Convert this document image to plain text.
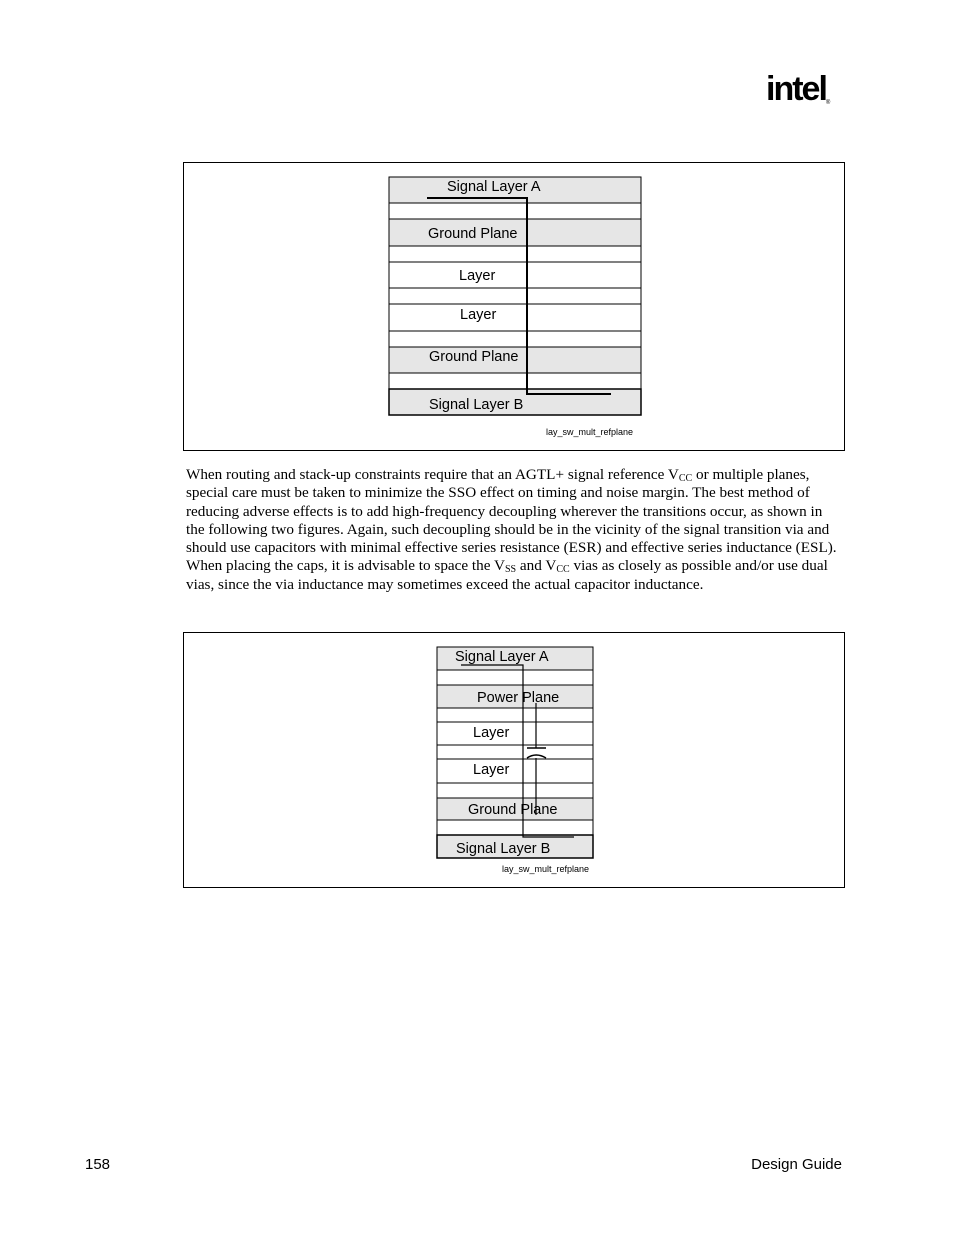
intel®
Signal Layer A
Ground Plane
Layer
Layer
Ground Plane
Signal Layer B
lay_sw_mult_refplane
When routing and stack-up constraints require that an AGTL+ signal reference $V_{CC}$ or multiple planes, special care must be taken to minimize the SSO effect on timing and noise margin. The best method of reducing adverse effects is to add high-frequency decoupling wherever the transitions occur, as shown in the following two figures. Again, such decoupling should be in the vicinity of the signal transition via and should use capacitors with minimal effective series resistance (ESR) and effective series inductance (ESL). When placing the caps, it is advisable to space the $V_{SS}$ and $V_{CC}$ vias as closely as possible and/or use dual vias, since the via inductance may sometimes exceed the actual capacitor inductance.
Signal Layer A
Power Plane
Layer
Layer
Ground Plane
Signal Layer B
lay_sw_mult_refplane
158	Design Guide
